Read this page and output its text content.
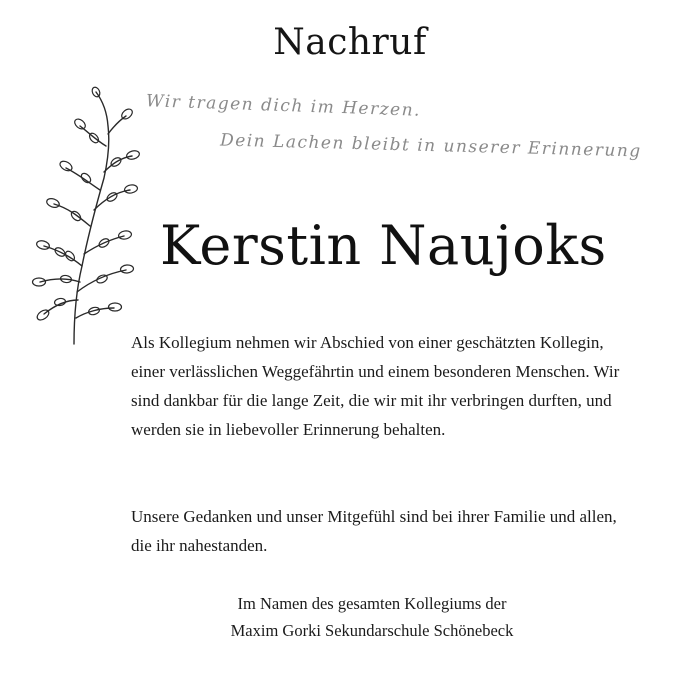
Nachruf
Wir tragen dich im Herzen.
Dein Lachen bleibt in unserer Erinnerung
Kerstin Naujoks

Als Kollegium nehmen wir Abschied von einer geschätzten Kollegin, einer verlässlichen Weggefährtin und einem besonderen Menschen. Wir sind dankbar für die lange Zeit, die wir mit ihr verbringen durften, und werden sie in liebevoller Erinnerung behalten.

Unsere Gedanken und unser Mitgefühl sind bei ihrer Familie und allen, die ihr nahestanden.

Im Namen des gesamten Kollegiums der
Maxim Gorki Sekundarschule Schönebeck
